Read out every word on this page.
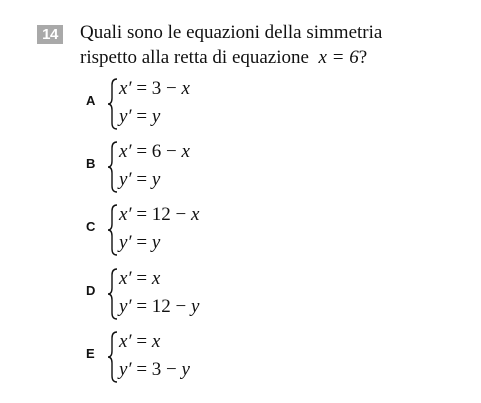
14 Quali sono le equazioni della simmetria
rispetto alla retta di equazione x = 6?

A
x′ = 3 − x
y′ = y
B
x′ = 6 − x
y′ = y
C
x′ = 12 − x
y′ = y
D
x′ = x
y′ = 12 − y
E
x′ = x
y′ = 3 − y
